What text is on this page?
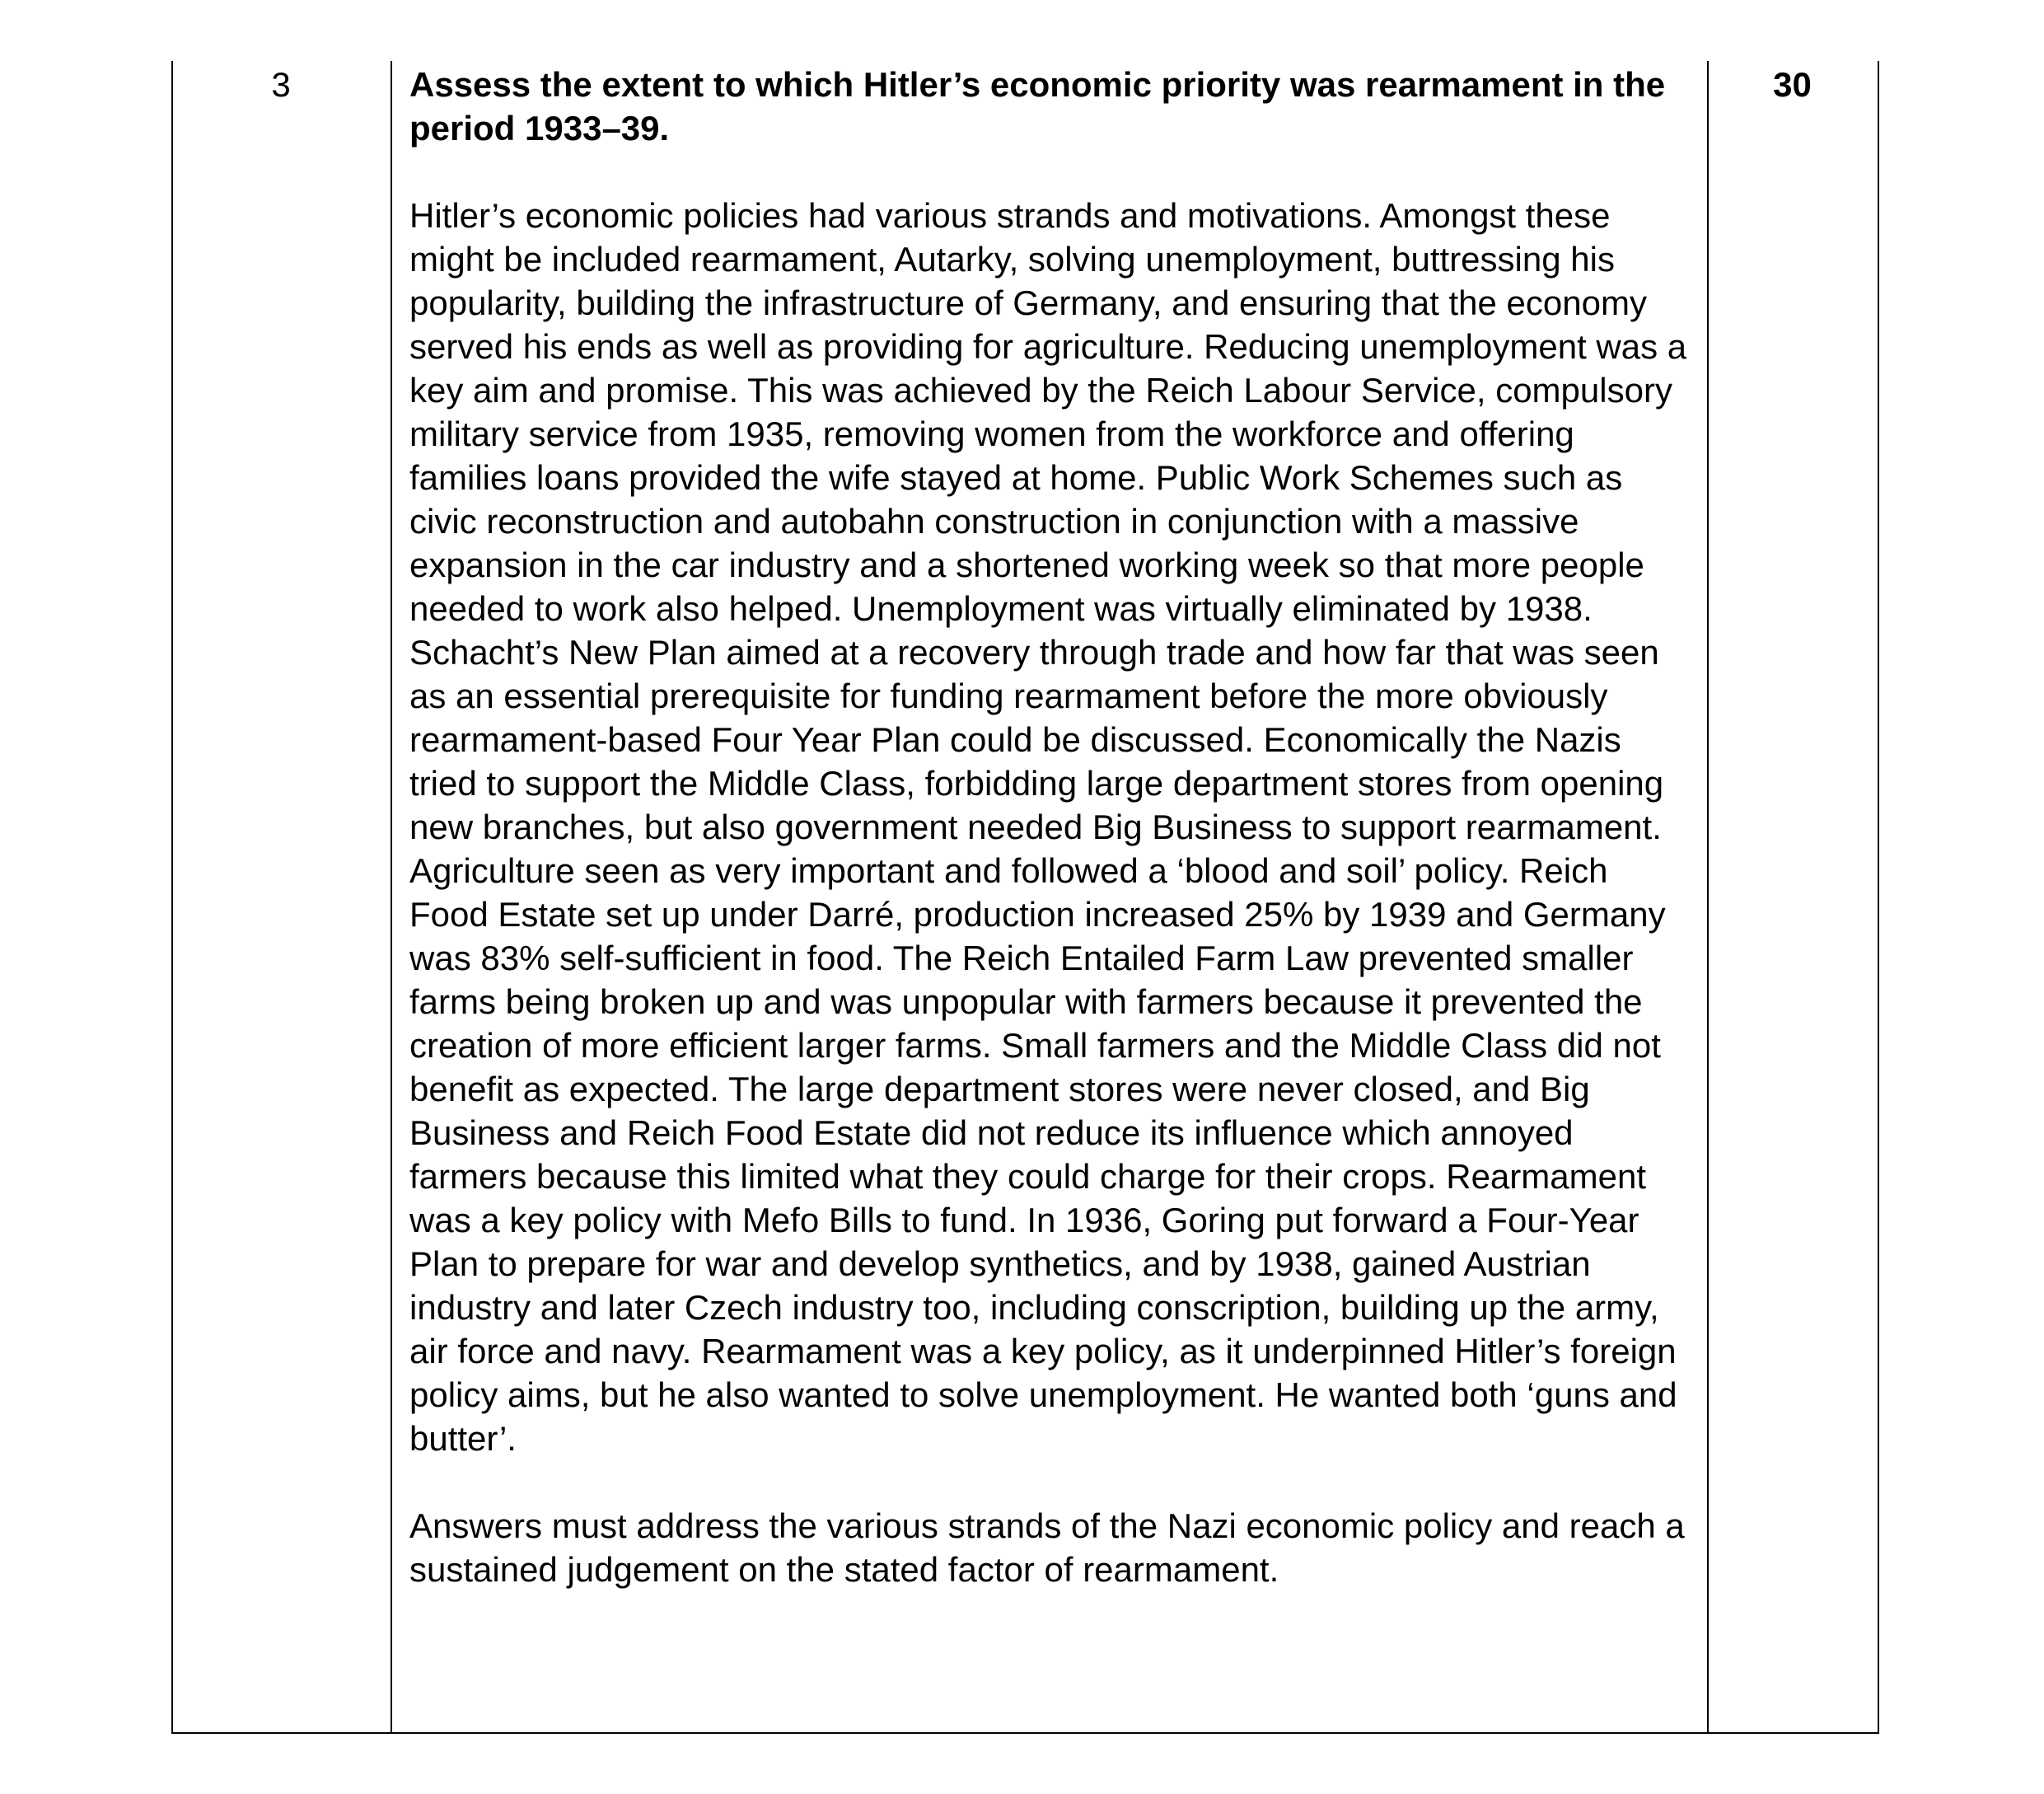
3	Assess the extent to which Hitler’s economic priority was rearmament in the period 1933–39.

Hitler’s economic policies had various strands and motivations. Amongst these might be included rearmament, Autarky, solving unemployment, buttressing his popularity, building the infrastructure of Germany, and ensuring that the economy served his ends as well as providing for agriculture. Reducing unemployment was a key aim and promise. This was achieved by the Reich Labour Service, compulsory military service from 1935, removing women from the workforce and offering families loans provided the wife stayed at home. Public Work Schemes such as civic reconstruction and autobahn construction in conjunction with a massive expansion in the car industry and a shortened working week so that more people needed to work also helped. Unemployment was virtually eliminated by 1938. Schacht’s New Plan aimed at a recovery through trade and how far that was seen as an essential prerequisite for funding rearmament before the more obviously rearmament-based Four Year Plan could be discussed. Economically the Nazis tried to support the Middle Class, forbidding large department stores from opening new branches, but also government needed Big Business to support rearmament. Agriculture seen as very important and followed a ‘blood and soil’ policy. Reich Food Estate set up under Darré, production increased 25% by 1939 and Germany was 83% self-sufficient in food. The Reich Entailed Farm Law prevented smaller farms being broken up and was unpopular with farmers because it prevented the creation of more efficient larger farms. Small farmers and the Middle Class did not benefit as expected. The large department stores were never closed, and Big Business and Reich Food Estate did not reduce its influence which annoyed farmers because this limited what they could charge for their crops. Rearmament was a key policy with Mefo Bills to fund. In 1936, Goring put forward a Four-Year Plan to prepare for war and develop synthetics, and by 1938, gained Austrian industry and later Czech industry too, including conscription, building up the army, air force and navy. Rearmament was a key policy, as it underpinned Hitler’s foreign policy aims, but he also wanted to solve unemployment. He wanted both ‘guns and butter’.

Answers must address the various strands of the Nazi economic policy and reach a sustained judgement on the stated factor of rearmament.

30
